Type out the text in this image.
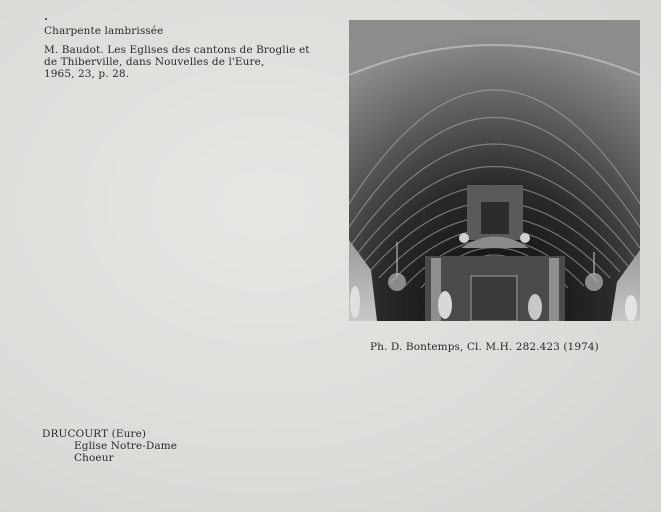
Charpente lambrissée
M. Baudot. Les Eglises des cantons de Broglie et
de Thiberville, dans Nouvelles de l'Eure,
1965, 23, p. 28.
Ph. D. Bontemps, Cl. M.H. 282.423 (1974)
DRUCOURT (Eure)
Eglise Notre-Dame
Choeur
